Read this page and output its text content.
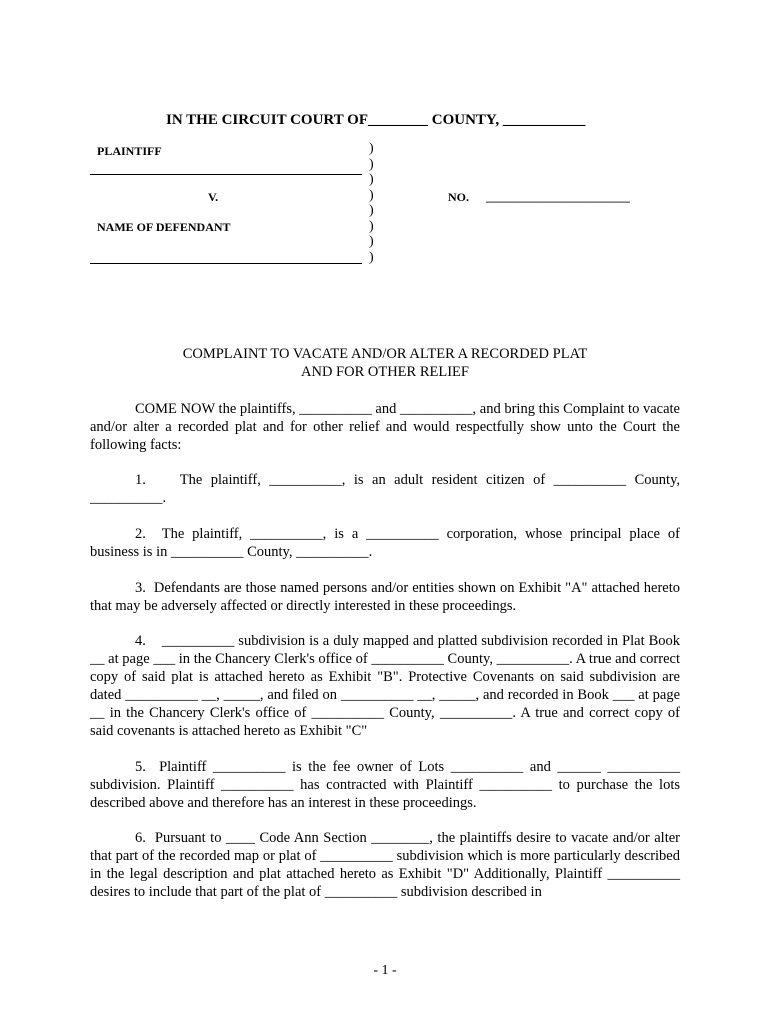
IN THE CIRCUIT COURT OF________ COUNTY, ___________
PLAINTIFF
V.
NAME OF DEFENDANT
)
)
)
)
)
)
)
)
NO. ________________________
COMPLAINT TO VACATE AND/OR ALTER A RECORDED PLAT
AND FOR OTHER RELIEF

COME NOW the plaintiffs, __________ and __________, and bring this Complaint to vacate and/or alter a recorded plat and for other relief and would respectfully show unto the Court the following facts:

1. The plaintiff, __________, is an adult resident citizen of __________ County, __________.

2. The plaintiff, __________, is a __________ corporation, whose principal place of business is in __________ County, __________.

3. Defendants are those named persons and/or entities shown on Exhibit "A" attached hereto that may be adversely affected or directly interested in these proceedings.

4. __________ subdivision is a duly mapped and platted subdivision recorded in Plat Book __ at page ___ in the Chancery Clerk's office of __________ County, __________. A true and correct copy of said plat is attached hereto as Exhibit "B". Protective Covenants on said subdivision are dated __________ __, _____, and filed on __________ __, _____, and recorded in Book ___ at page __ in the Chancery Clerk's office of __________ County, __________. A true and correct copy of said covenants is attached hereto as Exhibit "C"

5. Plaintiff __________ is the fee owner of Lots __________ and ______ __________ subdivision. Plaintiff __________ has contracted with Plaintiff __________ to purchase the lots described above and therefore has an interest in these proceedings.

6. Pursuant to ____ Code Ann Section ________, the plaintiffs desire to vacate and/or alter that part of the recorded map or plat of __________ subdivision which is more particularly described in the legal description and plat attached hereto as Exhibit "D" Additionally, Plaintiff __________ desires to include that part of the plat of __________ subdivision described in

- 1 -
